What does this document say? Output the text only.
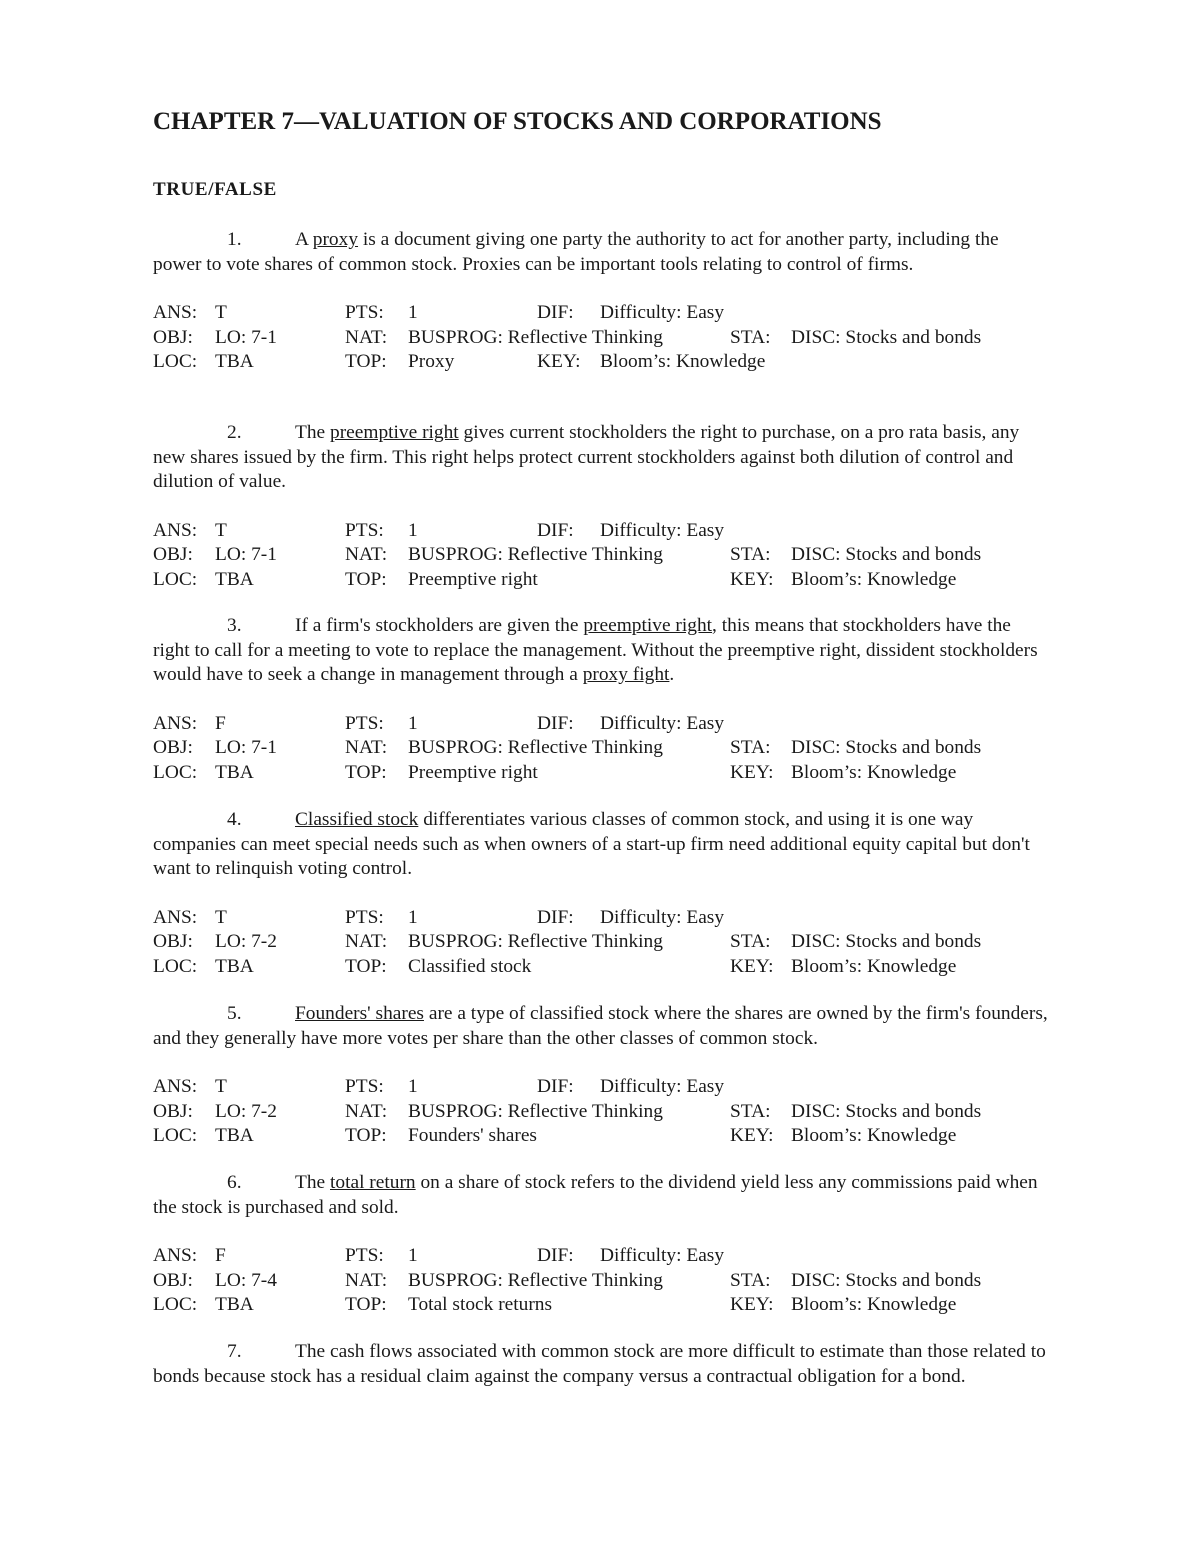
CHAPTER 7—VALUATION OF STOCKS AND CORPORATIONS
TRUE/FALSE

1.	A proxy is a document giving one party the authority to act for another party, including the power to vote shares of common stock. Proxies can be important tools relating to control of firms.

ANS: T	PTS: 1	DIF: Difficulty: Easy
OBJ: LO: 7-1	NAT: BUSPROG: Reflective Thinking	STA: DISC: Stocks and bonds
LOC: TBA	TOP: Proxy	KEY: Bloom’s: Knowledge

2.	The preemptive right gives current stockholders the right to purchase, on a pro rata basis, any new shares issued by the firm. This right helps protect current stockholders against both dilution of control and dilution of value.

ANS: T	PTS: 1	DIF: Difficulty: Easy
OBJ: LO: 7-1	NAT: BUSPROG: Reflective Thinking	STA: DISC: Stocks and bonds
LOC: TBA	TOP: Preemptive right	KEY: Bloom’s: Knowledge

3.	If a firm's stockholders are given the preemptive right, this means that stockholders have the right to call for a meeting to vote to replace the management. Without the preemptive right, dissident stockholders would have to seek a change in management through a proxy fight.

ANS: F	PTS: 1	DIF: Difficulty: Easy
OBJ: LO: 7-1	NAT: BUSPROG: Reflective Thinking	STA: DISC: Stocks and bonds
LOC: TBA	TOP: Preemptive right	KEY: Bloom’s: Knowledge

4.	Classified stock differentiates various classes of common stock, and using it is one way companies can meet special needs such as when owners of a start-up firm need additional equity capital but don't want to relinquish voting control.

ANS: T	PTS: 1	DIF: Difficulty: Easy
OBJ: LO: 7-2	NAT: BUSPROG: Reflective Thinking	STA: DISC: Stocks and bonds
LOC: TBA	TOP: Classified stock	KEY: Bloom’s: Knowledge

5.	Founders' shares are a type of classified stock where the shares are owned by the firm's founders, and they generally have more votes per share than the other classes of common stock.

ANS: T	PTS: 1	DIF: Difficulty: Easy
OBJ: LO: 7-2	NAT: BUSPROG: Reflective Thinking	STA: DISC: Stocks and bonds
LOC: TBA	TOP: Founders' shares	KEY: Bloom’s: Knowledge

6.	The total return on a share of stock refers to the dividend yield less any commissions paid when the stock is purchased and sold.

ANS: F	PTS: 1	DIF: Difficulty: Easy
OBJ: LO: 7-4	NAT: BUSPROG: Reflective Thinking	STA: DISC: Stocks and bonds
LOC: TBA	TOP: Total stock returns	KEY: Bloom’s: Knowledge

7.	The cash flows associated with common stock are more difficult to estimate than those related to bonds because stock has a residual claim against the company versus a contractual obligation for a bond.
